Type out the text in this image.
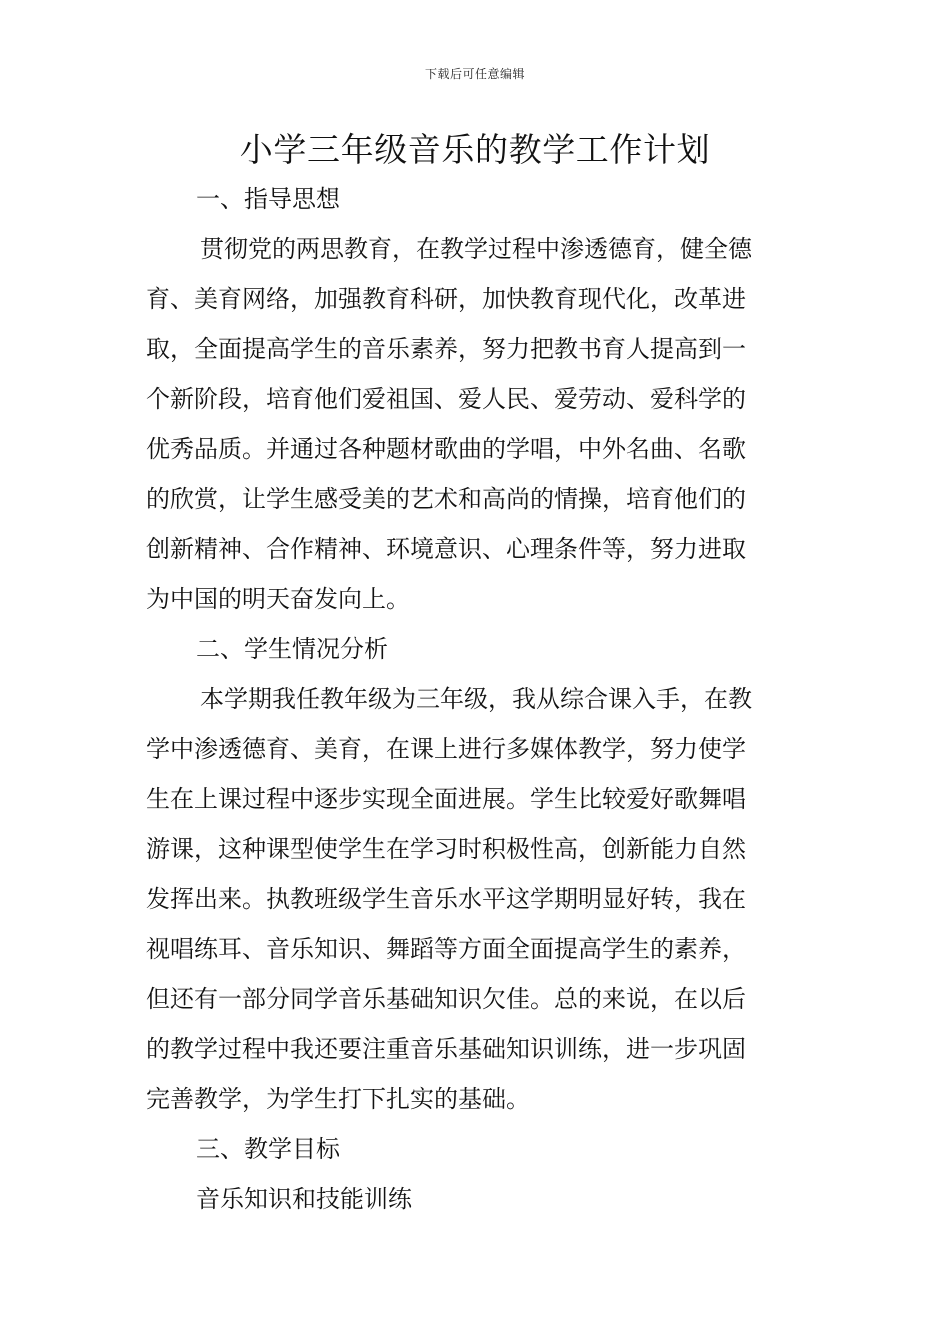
下载后可任意编辑
小学三年级音乐的教学工作计划
一、指导思想

贯彻党的两思教育，在教学过程中渗透德育，健全德
育、美育网络，加强教育科研，加快教育现代化，改革进
取，全面提高学生的音乐素养，努力把教书育人提高到一
个新阶段，培育他们爱祖国、爱人民、爱劳动、爱科学的
优秀品质。并通过各种题材歌曲的学唱，中外名曲、名歌
的欣赏，让学生感受美的艺术和高尚的情操，培育他们的
创新精神、合作精神、环境意识、心理条件等，努力进取
为中国的明天奋发向上。

二、学生情况分析

本学期我任教年级为三年级，我从综合课入手，在教
学中渗透德育、美育，在课上进行多媒体教学，努力使学
生在上课过程中逐步实现全面进展。学生比较爱好歌舞唱
游课，这种课型使学生在学习时积极性高，创新能力自然
发挥出来。执教班级学生音乐水平这学期明显好转，我在
视唱练耳、音乐知识、舞蹈等方面全面提高学生的素养，
但还有一部分同学音乐基础知识欠佳。总的来说，在以后
的教学过程中我还要注重音乐基础知识训练，进一步巩固
完善教学，为学生打下扎实的基础。

三、教学目标

音乐知识和技能训练
